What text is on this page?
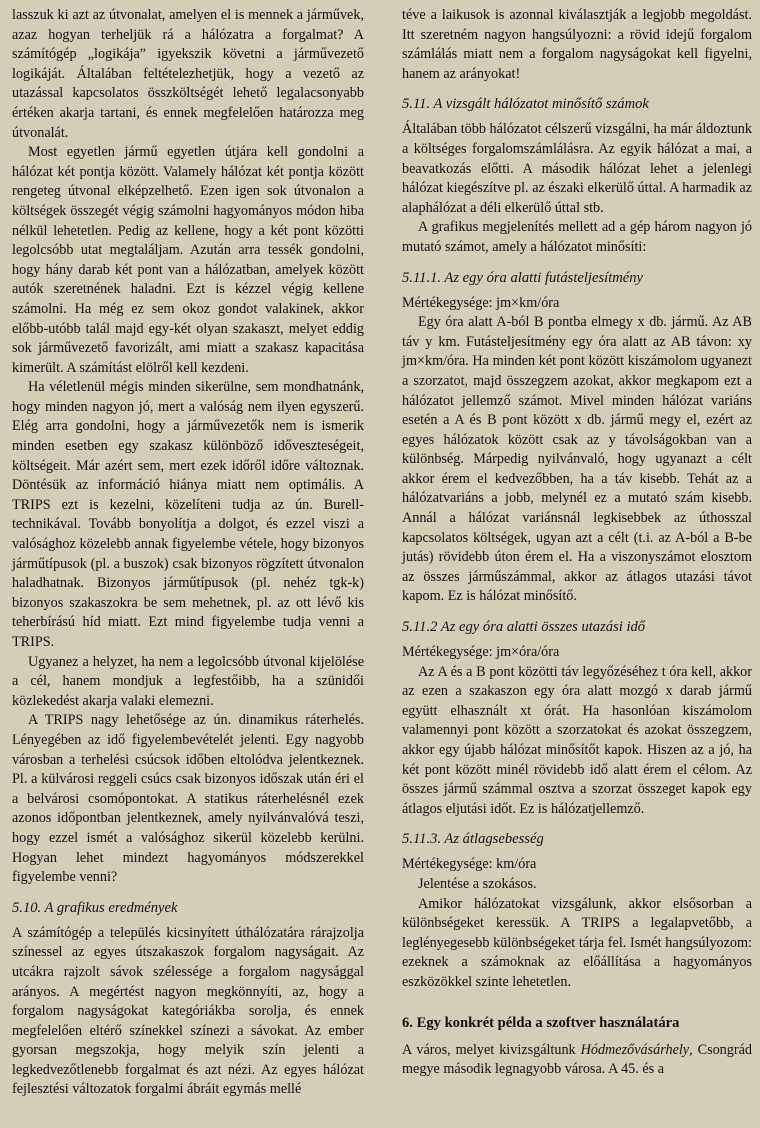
lasszuk ki azt az útvonalat, amelyen el is mennek a járművek, azaz hogyan terheljük rá a hálózatra a forgalmat? A számítógép „logikája” igyekszik követni a járművezető logikáját. Általában feltételezhetjük, hogy a vezető az utazással kapcsolatos összköltségét lehető legalacsonyabb értéken akarja tartani, és ennek megfelelően határozza meg útvonalát.

Most egyetlen jármű egyetlen útjára kell gondolni a hálózat két pontja között. Valamely hálózat két pontja között rengeteg útvonal elképzelhető. Ezen igen sok útvonalon a költségek összegét végig számolni hagyományos módon hiba nélkül lehetetlen. Pedig az kellene, hogy a két pont közötti legolcsóbb utat megtaláljam. Azután arra tessék gondolni, hogy hány darab két pont van a hálózatban, amelyek között autók szeretnének haladni. Ezt is kézzel végig kellene számolni. Ha még ez sem okoz gondot valakinek, akkor előbb-utóbb talál majd egy-két olyan szakaszt, melyet eddig sok járművezető favorizált, ami miatt a szakasz kapacitása kimerült. A számítást elölről kell kezdeni.

Ha véletlenül mégis minden sikerülne, sem mondhatnánk, hogy minden nagyon jó, mert a valóság nem ilyen egyszerű. Elég arra gondolni, hogy a járművezetők nem is ismerik minden esetben egy szakasz különböző időveszteségeit, költségeit. Már azért sem, mert ezek időről időre változnak. Döntésük az információ hiánya miatt nem optimális. A TRIPS ezt is kezelni, közelíteni tudja az ún. Burell-technikával. Tovább bonyolítja a dolgot, és ezzel viszi a valósághoz közelebb annak figyelembe vétele, hogy bizonyos járműtípusok (pl. a buszok) csak bizonyos rögzített útvonalon haladhatnak. Bizonyos járműtípusok (pl. nehéz tgk-k) bizonyos szakaszokra be sem mehetnek, pl. az ott lévő kis teherbírású híd miatt. Ezt mind figyelembe tudja venni a TRIPS.

Ugyanez a helyzet, ha nem a legolcsóbb útvonal kijelölése a cél, hanem mondjuk a legfestőibb, ha a szünidői közlekedést akarja valaki elemezni.

A TRIPS nagy lehetősége az ún. dinamikus ráterhelés. Lényegében az idő figyelembevételét jelenti. Egy nagyobb városban a terhelési csúcsok időben eltolódva jelentkeznek. Pl. a külvárosi reggeli csúcs csak bizonyos időszak után éri el a belvárosi csomópontokat. A statikus ráterhelésnél ezek azonos időpontban jelentkeznek, amely nyilvánvalóvá teszi, hogy ezzel ismét a valósághoz sikerül közelebb kerülni. Hogyan lehet mindezt hagyományos módszerekkel figyelembe venni?

5.10. A grafikus eredmények

A számítógép a település kicsinyített úthálózatára rárajzolja színessel az egyes útszakaszok forgalom nagyságait. Az utcákra rajzolt sávok szélessége a forgalom nagysággal arányos. A megértést nagyon megkönnyíti, az, hogy a forgalom nagyságokat kategóriákba sorolja, és ennek megfelelően eltérő színekkel színezi a sávokat. Az ember gyorsan megszokja, hogy melyik szín jelenti a legkedvezőtlenebb forgalmat és azt nézi. Az egyes hálózat fejlesztési változatok forgalmi ábráit egymás mellé

téve a laikusok is azonnal kiválasztják a legjobb megoldást. Itt szeretném nagyon hangsúlyozni: a rövid idejű forgalom számlálás miatt nem a forgalom nagyságokat kell figyelni, hanem az arányokat!

5.11. A vizsgált hálózatot minősítő számok

Általában több hálózatot célszerű vizsgálni, ha már áldoztunk a költséges forgalomszámlálásra. Az egyik hálózat a mai, a beavatkozás előtti. A második hálózat lehet a jelenlegi hálózat kiegészítve pl. az északi elkerülő úttal. A harmadik az alaphálózat a déli elkerülő úttal stb.

A grafikus megjelenítés mellett ad a gép három nagyon jó mutató számot, amely a hálózatot minősíti:

5.11.1. Az egy óra alatti futásteljesítmény

Mértékegysége: jm×km/óra

Egy óra alatt A-ból B pontba elmegy x db. jármű. Az AB táv y km. Futásteljesítmény egy óra alatt az AB távon: xy jm×km/óra. Ha minden két pont között kiszámolom ugyanezt a szorzatot, majd összegzem azokat, akkor megkapom ezt a hálózatot jellemző számot. Mivel minden hálózat variáns esetén a A és B pont között x db. jármű megy el, ezért az egyes hálózatok között csak az y távolságokban van a különbség. Márpedig nyilvánvaló, hogy ugyanazt a célt akkor érem el kedvezőbben, ha a táv kisebb. Tehát az a hálózatvariáns a jobb, melynél ez a mutató szám kisebb. Annál a hálózat variánsnál legkisebbek az úthosszal kapcsolatos költségek, ugyan azt a célt (t.i. az A-ból a B-be jutás) rövidebb úton érem el. Ha a viszonyszámot elosztom az összes járműszámmal, akkor az átlagos utazási távot kapom. Ez is hálózat minősítő.

5.11.2 Az egy óra alatti összes utazási idő

Mértékegysége: jm×óra/óra

Az A és a B pont közötti táv legyőzéséhez t óra kell, akkor az ezen a szakaszon egy óra alatt mozgó x darab jármű együtt elhasznált xt órát. Ha hasonlóan kiszámolom valamennyi pont között a szorzatokat és azokat összegzem, akkor egy újabb hálózat minősítőt kapok. Hiszen az a jó, ha két pont között minél rövidebb idő alatt érem el célom. Az összes jármű számmal osztva a szorzat összeget kapok egy átlagos eljutási időt. Ez is hálózatjellemző.

5.11.3. Az átlagsebesség

Mértékegysége: km/óra

Jelentése a szokásos.

Amikor hálózatokat vizsgálunk, akkor elsősorban a különbségeket keressük. A TRIPS a legalapvetőbb, a leglényegesebb különbségeket tárja fel. Ismét hangsúlyozom: ezeknek a számoknak az előállítása a hagyományos eszközökkel szinte lehetetlen.

6. Egy konkrét példa a szoftver használatára

A város, melyet kivizsgáltunk Hódmezővásárhely, Csongrád megye második legnagyobb városa. A 45. és a
